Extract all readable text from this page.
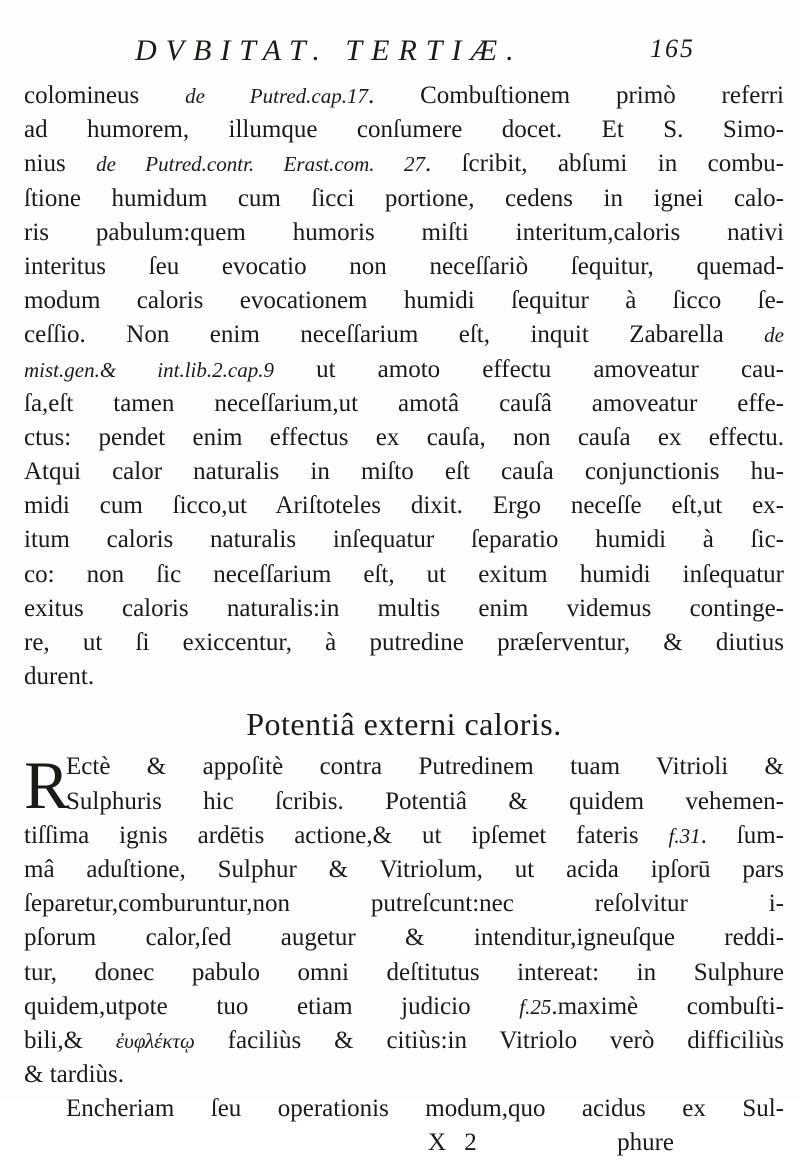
DVBITAT. TERTIÆ.	165
colomineus de Putred.cap.17. Combuſtionem primò referri
ad humorem, illumque conſumere docet. Et S. Simo-
nius de Putred.contr. Erast.com. 27. ſcribit, abſumi in combu-
ſtione humidum cum ſicci portione, cedens in ignei calo-
ris pabulum:quem humoris miſti interitum,caloris nativi
interitus ſeu evocatio non neceſſariò ſequitur, quemad-
modum caloris evocationem humidi ſequitur à ſicco ſe-
ceſſio. Non enim neceſſarium eſt, inquit Zabarella de
mist.gen.& int.lib.2.cap.9 ut amoto effectu amoveatur cau-
ſa,eſt tamen neceſſarium,ut amotâ cauſâ amoveatur effe-
ctus: pendet enim effectus ex cauſa, non cauſa ex effectu.
Atqui calor naturalis in miſto eſt cauſa conjunctionis hu-
midi cum ſicco,ut Ariſtoteles dixit. Ergo neceſſe eſt,ut ex-
itum caloris naturalis inſequatur ſeparatio humidi à ſic-
co: non ſic neceſſarium eſt, ut exitum humidi inſequatur
exitus caloris naturalis:in multis enim videmus continge-
re, ut ſi exiccentur, à putredine præſerventur, & diutius
durent.
Potentiâ externi caloris.
R
Ectè & appoſitè contra Putredinem tuam Vitrioli &
Sulphuris hic ſcribis. Potentiâ & quidem vehemen-
tiſſima ignis ardētis actione,& ut ipſemet fateris f.31. ſum-
mâ aduſtione, Sulphur & Vitriolum, ut acida ipſorū pars
ſeparetur,comburuntur,non putreſcunt:nec reſolvitur i-
pſorum calor,ſed augetur & intenditur,igneuſque reddi-
tur, donec pabulo omni deſtitutus intereat: in Sulphure
quidem,utpote tuo etiam judicio f.25.maximè combuſti-
bili,& ἐυφλέκτῳ faciliùs & citiùs:in Vitriolo verò difficiliùs
& tardiùs.
Encheriam ſeu operationis modum,quo acidus ex Sul-
X 2	phure
